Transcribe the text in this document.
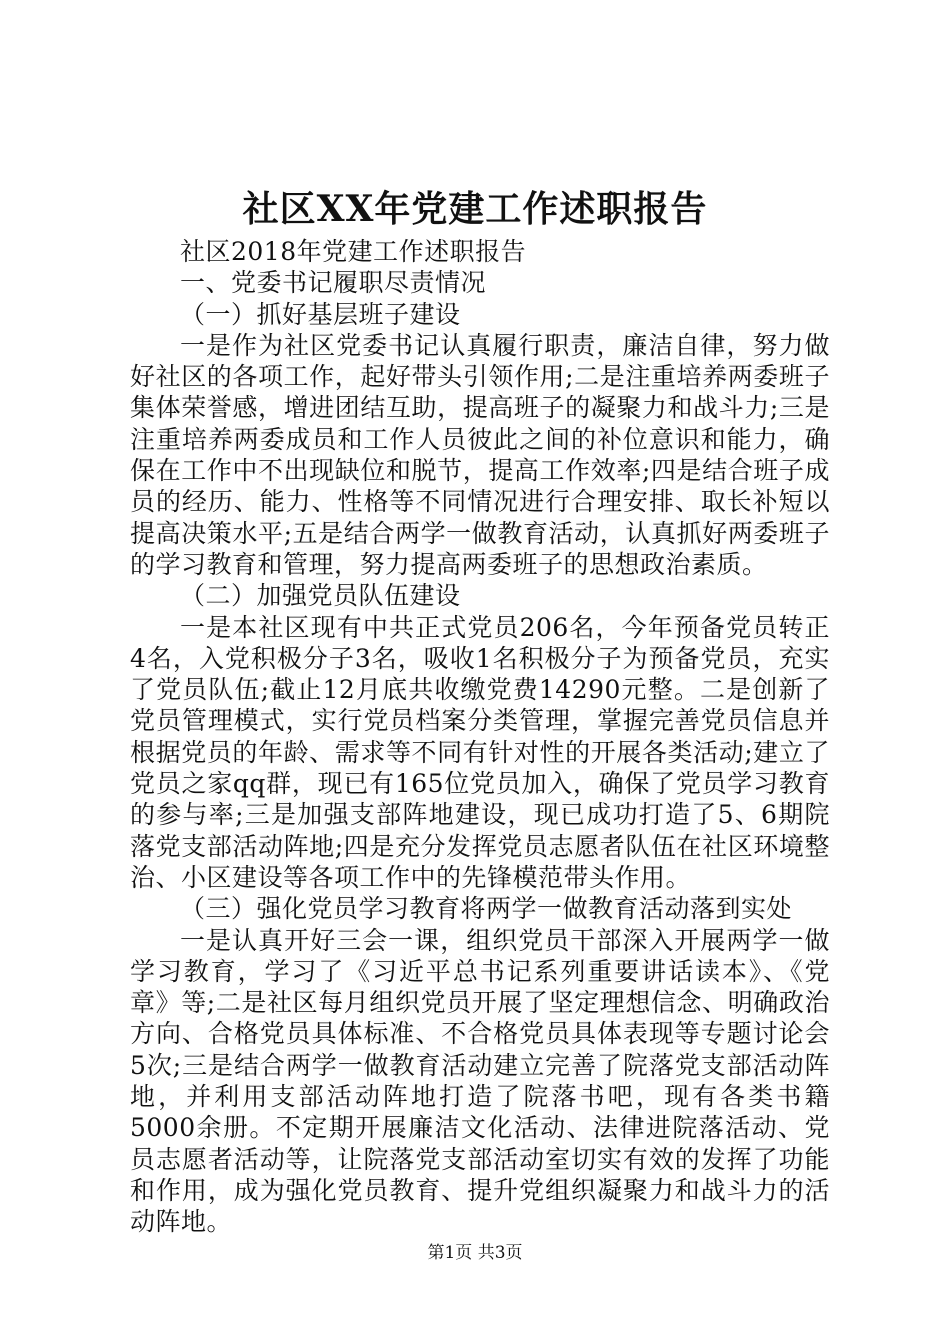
社区XX年党建工作述职报告

社区2018年党建工作述职报告

一、党委书记履职尽责情况

（一）抓好基层班子建设

一是作为社区党委书记认真履行职责，廉洁自律，努力做好社区的各项工作，起好带头引领作用;二是注重培养两委班子集体荣誉感，增进团结互助，提高班子的凝聚力和战斗力;三是注重培养两委成员和工作人员彼此之间的补位意识和能力，确保在工作中不出现缺位和脱节，提高工作效率;四是结合班子成员的经历、能力、性格等不同情况进行合理安排、取长补短以提高决策水平;五是结合两学一做教育活动，认真抓好两委班子的学习教育和管理，努力提高两委班子的思想政治素质。

（二）加强党员队伍建设

一是本社区现有中共正式党员206名，今年预备党员转正4名，入党积极分子3名，吸收1名积极分子为预备党员，充实了党员队伍;截止12月底共收缴党费14290元整。二是创新了党员管理模式，实行党员档案分类管理，掌握完善党员信息并根据党员的年龄、需求等不同有针对性的开展各类活动;建立了党员之家qq群，现已有165位党员加入，确保了党员学习教育的参与率;三是加强支部阵地建设，现已成功打造了5、6期院落党支部活动阵地;四是充分发挥党员志愿者队伍在社区环境整治、小区建设等各项工作中的先锋模范带头作用。

（三）强化党员学习教育将两学一做教育活动落到实处

一是认真开好三会一课，组织党员干部深入开展两学一做学习教育，学习了《习近平总书记系列重要讲话读本》、《党章》等;二是社区每月组织党员开展了坚定理想信念、明确政治方向、合格党员具体标准、不合格党员具体表现等专题讨论会5次;三是结合两学一做教育活动建立完善了院落党支部活动阵地，并利用支部活动阵地打造了院落书吧，现有各类书籍5000余册。不定期开展廉洁文化活动、法律进院落活动、党员志愿者活动等，让院落党支部活动室切实有效的发挥了功能和作用，成为强化党员教育、提升党组织凝聚力和战斗力的活动阵地。

第1页 共3页
